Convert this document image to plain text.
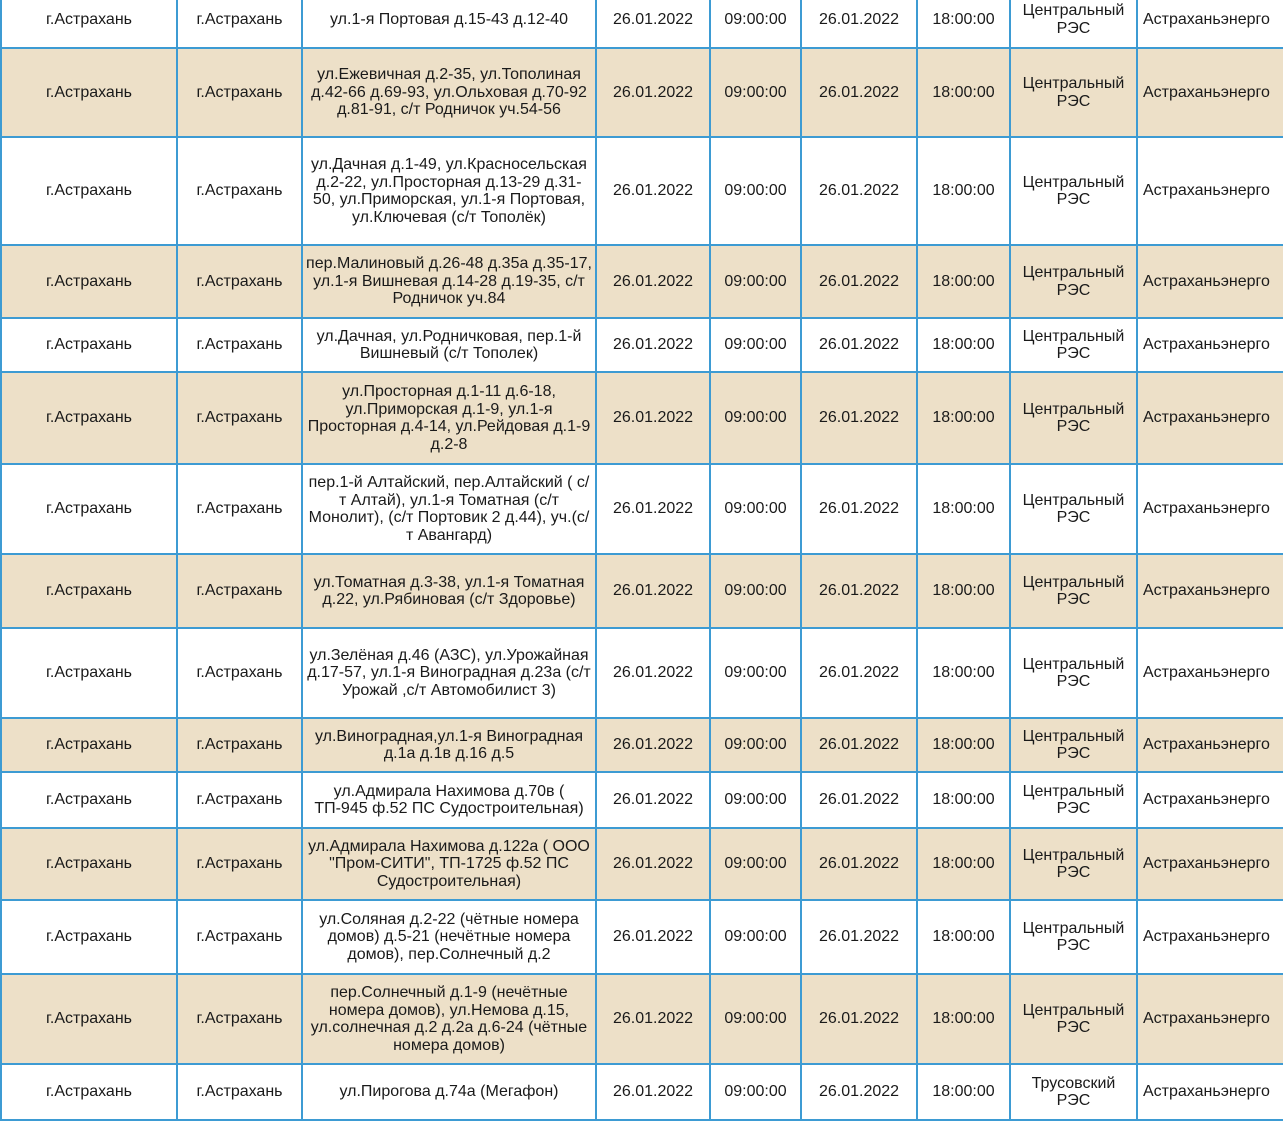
г.Астрахань	г.Астрахань	ул.1-я Портовая д.15-43 д.12-40	26.01.2022	09:00:00	26.01.2022	18:00:00	Центральный РЭС	Астраханьэнерго
г.Астрахань	г.Астрахань	ул.Ежевичная д.2-35, ул.Тополиная д.42-66 д.69-93, ул.Ольховая д.70-92 д.81-91, с/т Родничок уч.54-56	26.01.2022	09:00:00	26.01.2022	18:00:00	Центральный РЭС	Астраханьэнерго
г.Астрахань	г.Астрахань	ул.Дачная д.1-49, ул.Красносельская д.2-22, ул.Просторная д.13-29 д.31-50, ул.Приморская, ул.1-я Портовая, ул.Ключевая (с/т Тополёк)	26.01.2022	09:00:00	26.01.2022	18:00:00	Центральный РЭС	Астраханьэнерго
г.Астрахань	г.Астрахань	пер.Малиновый д.26-48 д.35а д.35-17, ул.1-я Вишневая д.14-28 д.19-35, с/т Родничок уч.84	26.01.2022	09:00:00	26.01.2022	18:00:00	Центральный РЭС	Астраханьэнерго
г.Астрахань	г.Астрахань	ул.Дачная, ул.Родничковая, пер.1-й Вишневый (с/т Тополек)	26.01.2022	09:00:00	26.01.2022	18:00:00	Центральный РЭС	Астраханьэнерго
г.Астрахань	г.Астрахань	ул.Просторная д.1-11 д.6-18, ул.Приморская д.1-9, ул.1-я Просторная д.4-14, ул.Рейдовая д.1-9 д.2-8	26.01.2022	09:00:00	26.01.2022	18:00:00	Центральный РЭС	Астраханьэнерго
г.Астрахань	г.Астрахань	пер.1-й Алтайский, пер.Алтайский ( с/т Алтай), ул.1-я Томатная (с/т Монолит), (с/т Портовик 2 д.44), уч.(с/т Авангард)	26.01.2022	09:00:00	26.01.2022	18:00:00	Центральный РЭС	Астраханьэнерго
г.Астрахань	г.Астрахань	ул.Томатная д.3-38, ул.1-я Томатная д.22, ул.Рябиновая (с/т Здоровье)	26.01.2022	09:00:00	26.01.2022	18:00:00	Центральный РЭС	Астраханьэнерго
г.Астрахань	г.Астрахань	ул.Зелёная д.46 (АЗС), ул.Урожайная д.17-57, ул.1-я Виноградная д.23а (с/т Урожай ,с/т Автомобилист 3)	26.01.2022	09:00:00	26.01.2022	18:00:00	Центральный РЭС	Астраханьэнерго
г.Астрахань	г.Астрахань	ул.Виноградная,ул.1-я Виноградная д.1а д.1в д.16 д.5	26.01.2022	09:00:00	26.01.2022	18:00:00	Центральный РЭС	Астраханьэнерго
г.Астрахань	г.Астрахань	ул.Адмирала Нахимова д.70в ( ТП-945 ф.52 ПС Судостроительная)	26.01.2022	09:00:00	26.01.2022	18:00:00	Центральный РЭС	Астраханьэнерго
г.Астрахань	г.Астрахань	ул.Адмирала Нахимова д.122а ( ООО "Пром-СИТИ", ТП-1725 ф.52 ПС Судостроительная)	26.01.2022	09:00:00	26.01.2022	18:00:00	Центральный РЭС	Астраханьэнерго
г.Астрахань	г.Астрахань	ул.Соляная д.2-22 (чётные номера домов) д.5-21 (нечётные номера домов), пер.Солнечный д.2	26.01.2022	09:00:00	26.01.2022	18:00:00	Центральный РЭС	Астраханьэнерго
г.Астрахань	г.Астрахань	пер.Солнечный д.1-9 (нечётные номера домов), ул.Немова д.15, ул.солнечная д.2 д.2а д.6-24 (чётные номера домов)	26.01.2022	09:00:00	26.01.2022	18:00:00	Центральный РЭС	Астраханьэнерго
г.Астрахань	г.Астрахань	ул.Пирогова д.74а (Мегафон)	26.01.2022	09:00:00	26.01.2022	18:00:00	Трусовский РЭС	Астраханьэнерго
